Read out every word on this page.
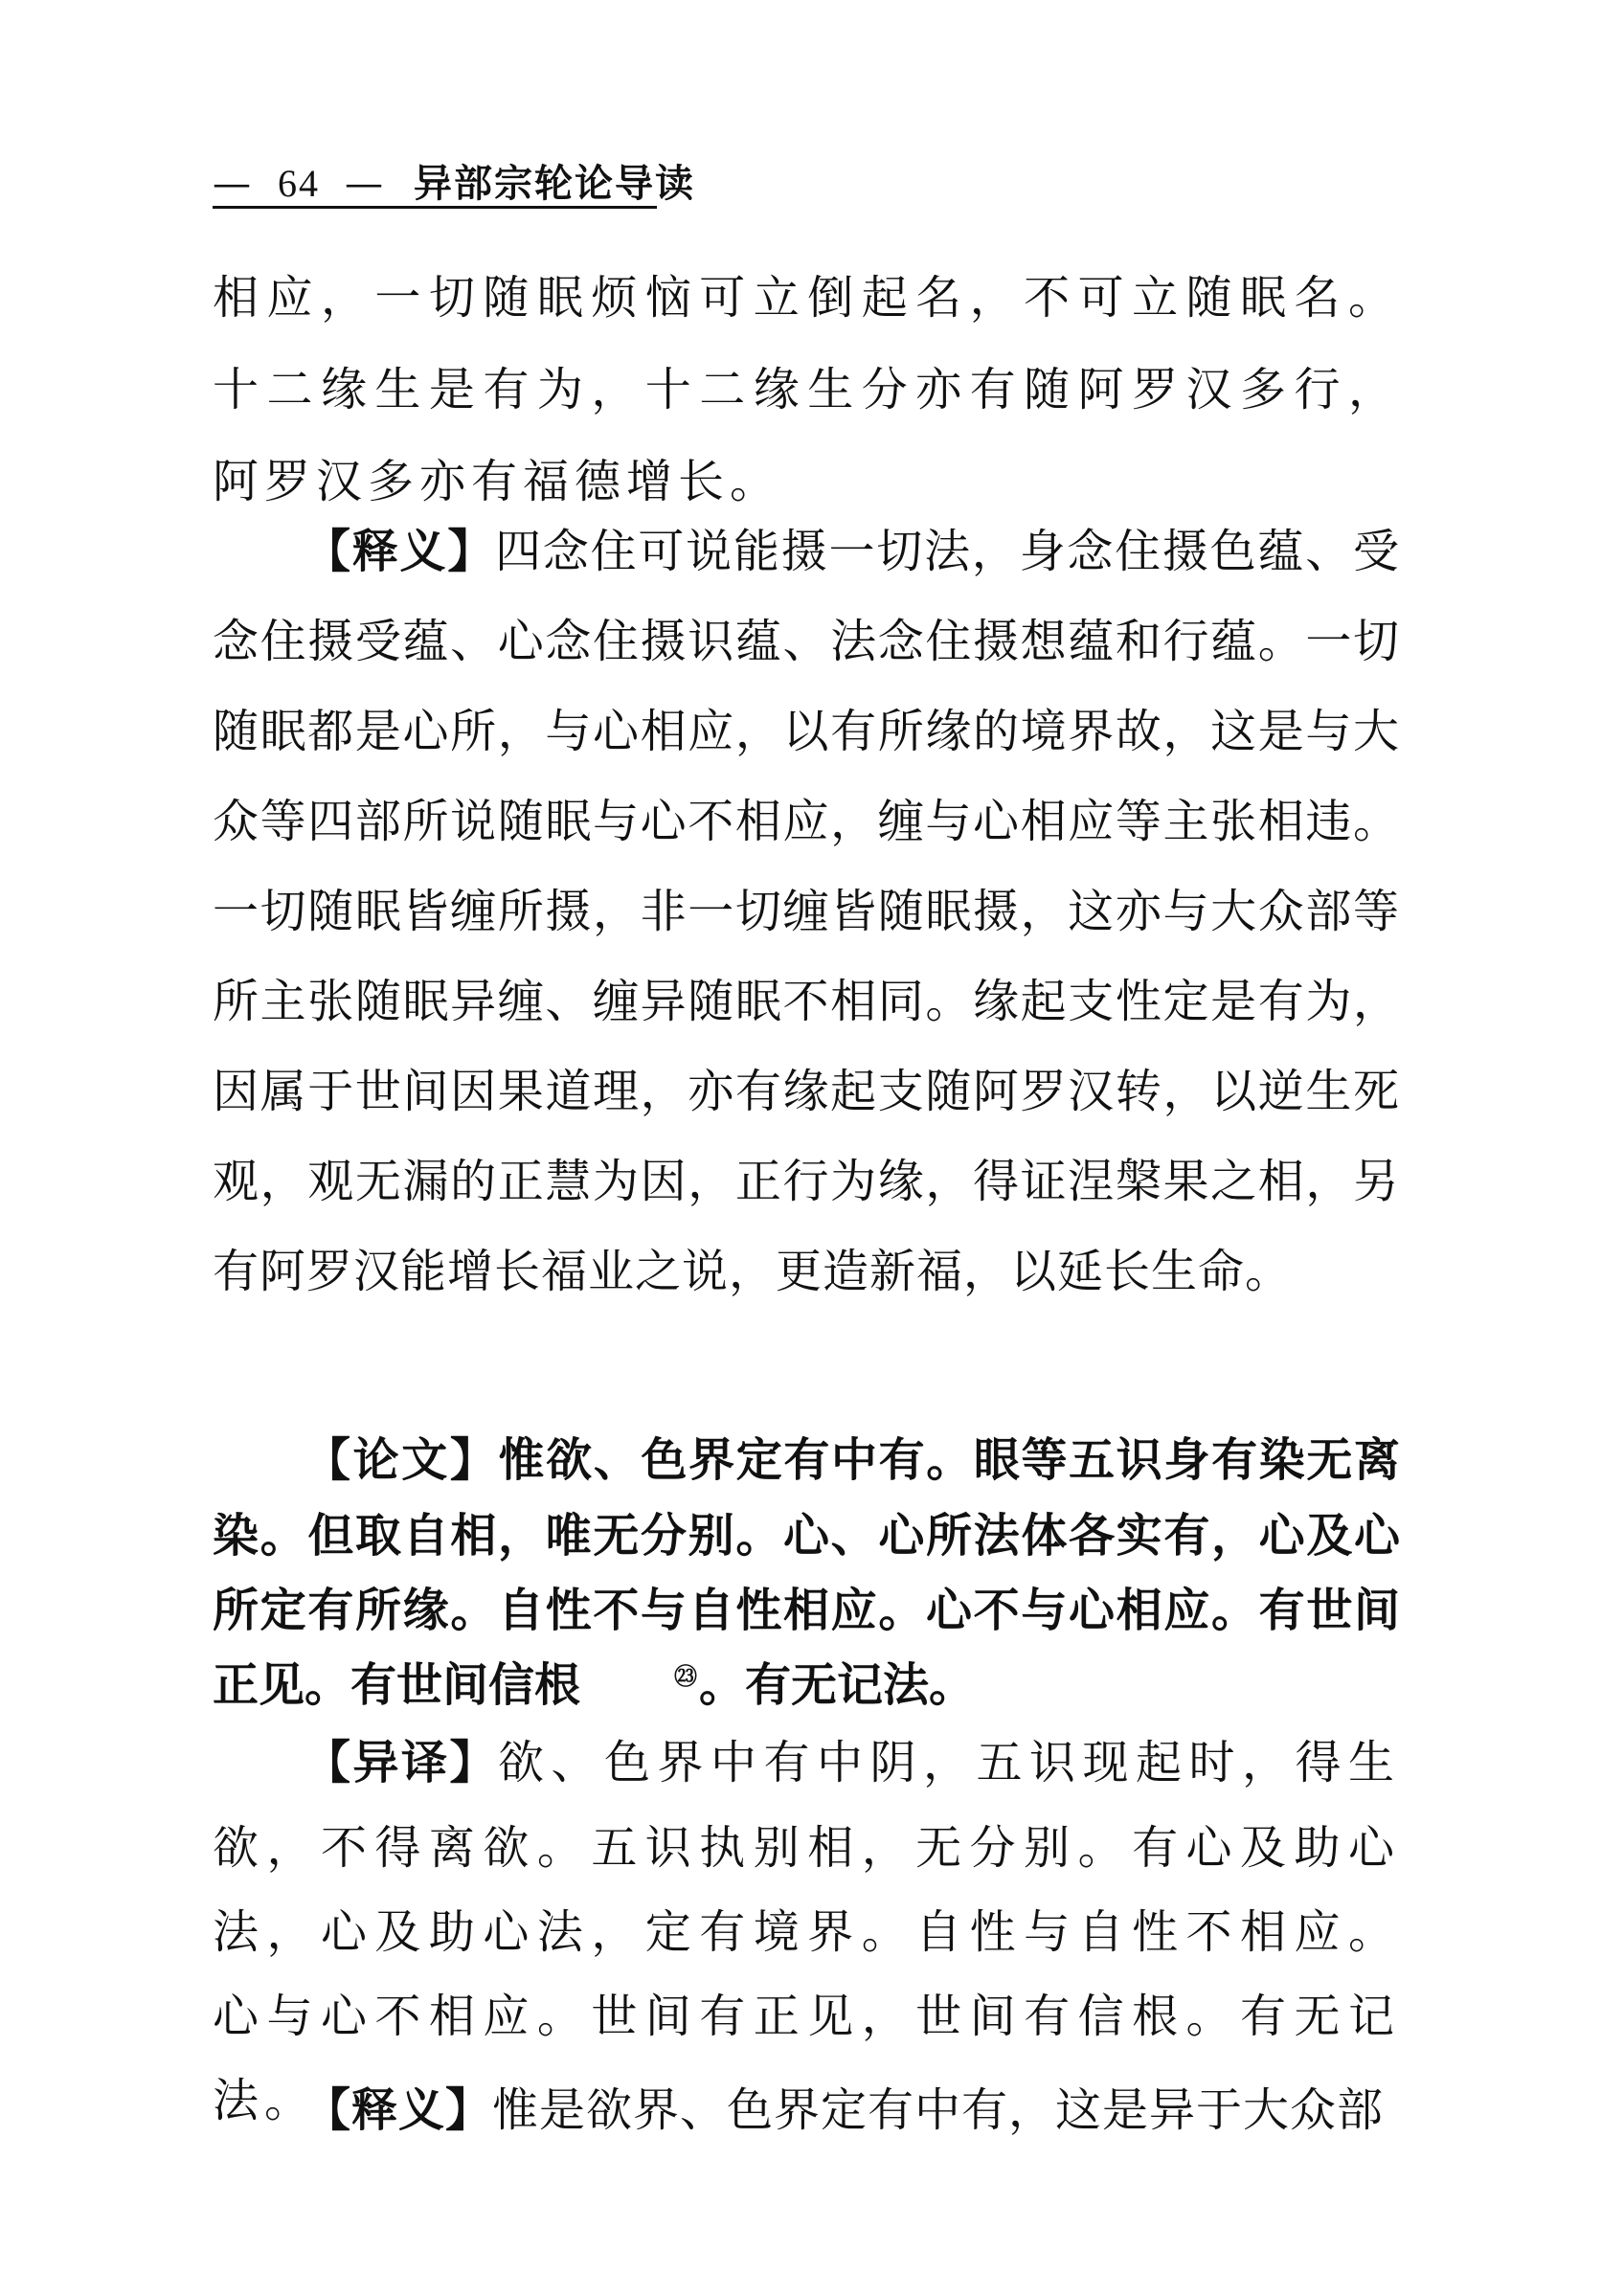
— 64 — 异部宗轮论导读

相应，一切随眠烦恼可立倒起名，不可立随眠名。十二缘生是有为，十二缘生分亦有随阿罗汉多行，阿罗汉多亦有福德增长。

【释义】四念住可说能摄一切法，身念住摄色蕴、受念住摄受蕴、心念住摄识蕴、法念住摄想蕴和行蕴。一切随眠都是心所，与心相应，以有所缘的境界故，这是与大众等四部所说随眠与心不相应，缠与心相应等主张相违。一切随眠皆缠所摄，非一切缠皆随眠摄，这亦与大众部等所主张随眠异缠、缠异随眠不相同。缘起支性定是有为，因属于世间因果道理，亦有缘起支随阿罗汉转，以逆生死观，观无漏的正慧为因，正行为缘，得证涅槃果之相，另有阿罗汉能增长福业之说，更造新福，以延长生命。

【论文】惟欲、色界定有中有。眼等五识身有染无离染。但取自相，唯无分别。心、心所法体各实有，心及心所定有所缘。自性不与自性相应。心不与心相应。有世间正见。有世间信根	㉓。有无记法。

【异译】欲、色界中有中阴，五识现起时，得生欲，不得离欲。五识执别相，无分别。有心及助心法，心及助心法，定有境界。自性与自性不相应。心与心不相应。世间有正见，世间有信根。有无记法。

【释义】惟是欲界、色界定有中有，这是异于大众部
